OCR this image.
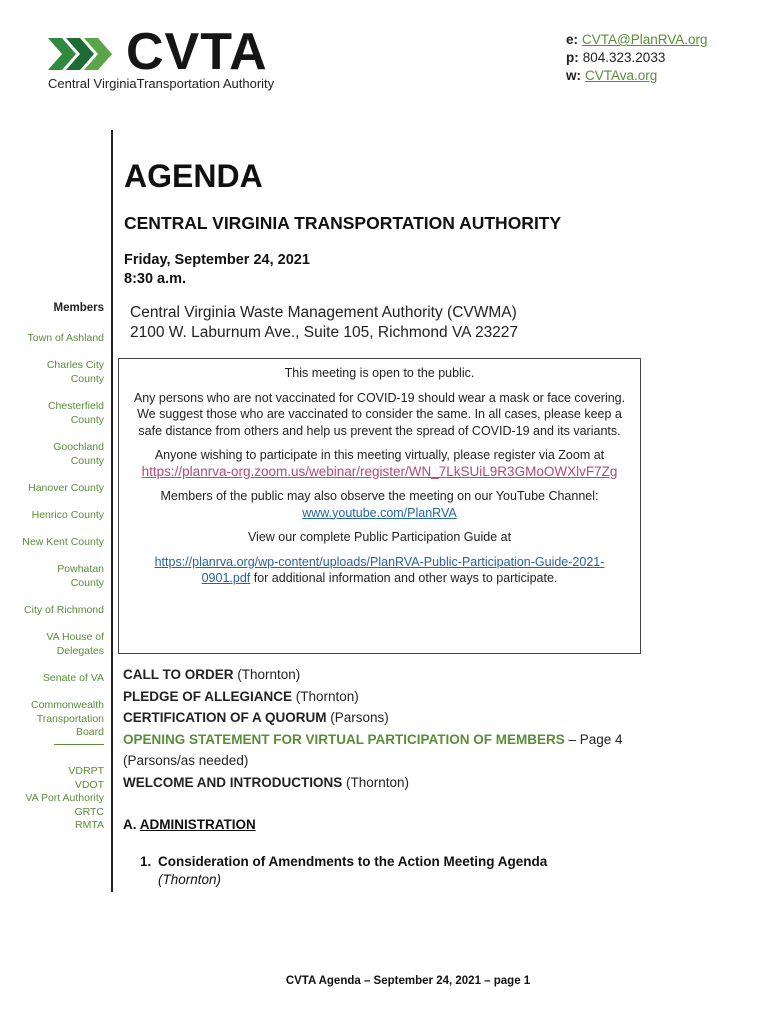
CVTA
Central VirginiaTransportation Authority
e: CVTA@PlanRVA.org
p: 804.323.2033
w: CVTAva.org
Members
Town of Ashland
Charles City
County
Chesterfield
County
Goochland
County
Hanover County
Henrico County
New Kent County
Powhatan
County
City of Richmond
VA House of
Delegates
Senate of VA
Commonwealth
Transportation
Board
VDRPT
VDOT
VA Port Authority
GRTC
RMTA
AGENDA
CENTRAL VIRGINIA TRANSPORTATION AUTHORITY
Friday, September 24, 2021
8:30 a.m.
Central Virginia Waste Management Authority (CVWMA)
2100 W. Laburnum Ave., Suite 105, Richmond VA 23227

This meeting is open to the public.

Any persons who are not vaccinated for COVID-19 should wear a mask or face covering. We suggest those who are vaccinated to consider the same. In all cases, please keep a safe distance from others and help us prevent the spread of COVID-19 and its variants.

Anyone wishing to participate in this meeting virtually, please register via Zoom at https://planrva-org.zoom.us/webinar/register/WN_7LkSUiL9R3GMoOWXlvF7Zg

Members of the public may also observe the meeting on our YouTube Channel: www.youtube.com/PlanRVA

View our complete Public Participation Guide at

https://planrva.org/wp-content/uploads/PlanRVA-Public-Participation-Guide-2021-0901.pdf for additional information and other ways to participate.

CALL TO ORDER (Thornton)
PLEDGE OF ALLEGIANCE (Thornton)
CERTIFICATION OF A QUORUM (Parsons)
OPENING STATEMENT FOR VIRTUAL PARTICIPATION OF MEMBERS – Page 4
(Parsons/as needed)
WELCOME AND INTRODUCTIONS (Thornton)
A. ADMINISTRATION
1. Consideration of Amendments to the Action Meeting Agenda
(Thornton)
CVTA Agenda – September 24, 2021 – page 1
